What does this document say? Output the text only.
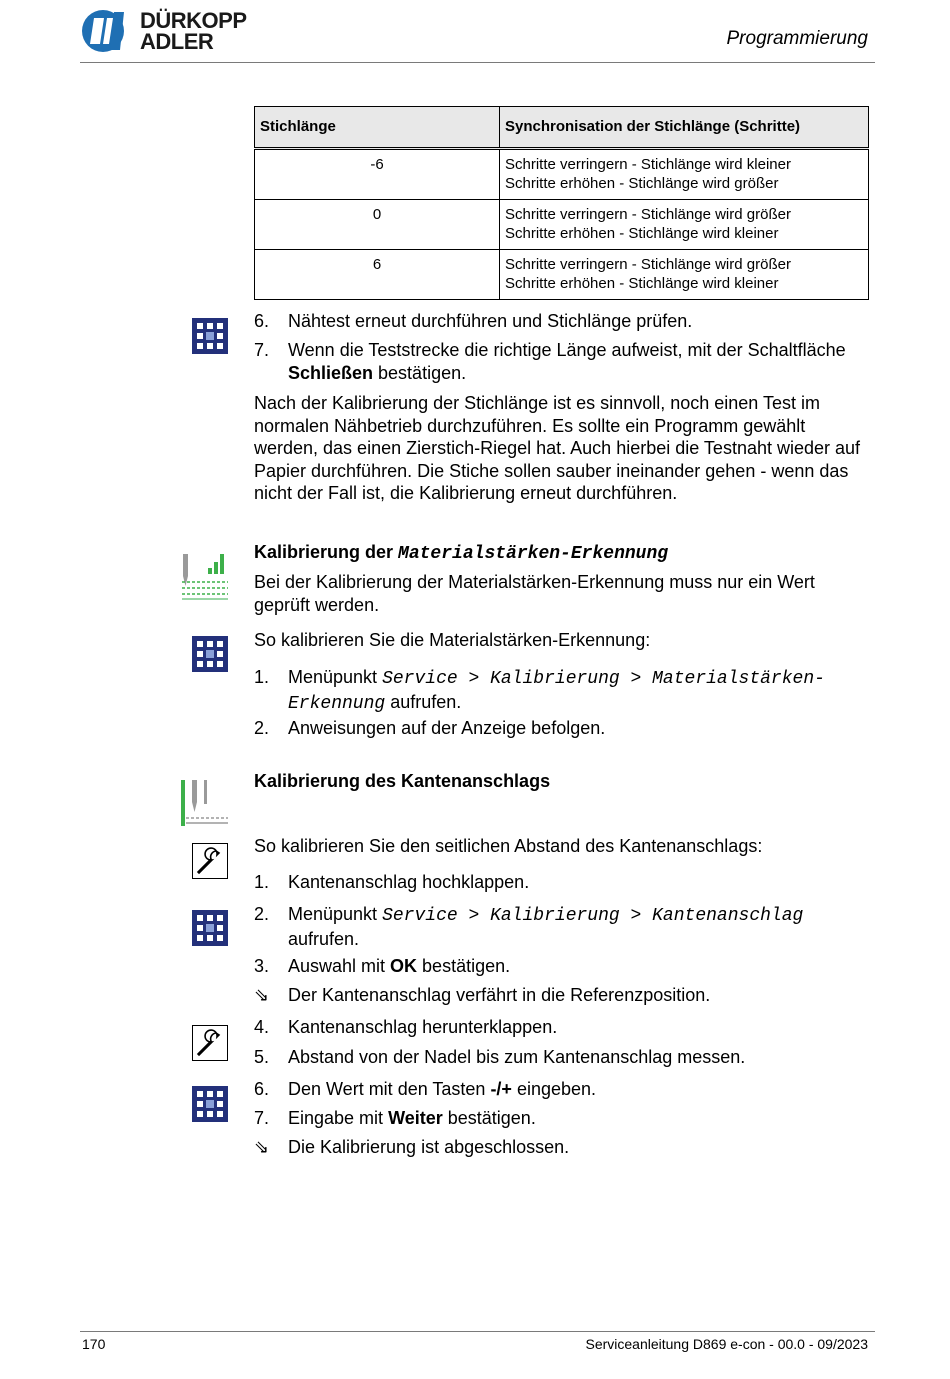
DÜRKOPP
ADLER	Programmierung
Stichlänge	Synchronisation der Stichlänge (Schritte)
-6	Schritte verringern - Stichlänge wird kleiner
Schritte erhöhen - Stichlänge wird größer

0	Schritte verringern - Stichlänge wird größer
Schritte erhöhen - Stichlänge wird kleiner

6	Schritte verringern - Stichlänge wird größer
Schritte erhöhen - Stichlänge wird kleiner
6. Nähtest erneut durchführen und Stichlänge prüfen.
7. Wenn die Teststrecke die richtige Länge aufweist, mit der Schaltfläche Schließen bestätigen.
Nach der Kalibrierung der Stichlänge ist es sinnvoll, noch einen Test im normalen Nähbetrieb durchzuführen. Es sollte ein Programm gewählt werden, das einen Zierstich-Riegel hat. Auch hierbei die Testnaht wieder auf Papier durchführen. Die Stiche sollen sauber ineinander gehen - wenn das nicht der Fall ist, die Kalibrierung erneut durchführen.
Kalibrierung der Materialstärken-Erkennung
Bei der Kalibrierung der Materialstärken-Erkennung muss nur ein Wert geprüft werden.
So kalibrieren Sie die Materialstärken-Erkennung:
1. Menüpunkt Service > Kalibrierung > Materialstärken-Erkennung aufrufen.
2. Anweisungen auf der Anzeige befolgen.
Kalibrierung des Kantenanschlags
So kalibrieren Sie den seitlichen Abstand des Kantenanschlags:
1. Kantenanschlag hochklappen.
2. Menüpunkt Service > Kalibrierung > Kantenanschlag aufrufen.
3. Auswahl mit OK bestätigen.
⇘ Der Kantenanschlag verfährt in die Referenzposition.
4. Kantenanschlag herunterklappen.
5. Abstand von der Nadel bis zum Kantenanschlag messen.
6. Den Wert mit den Tasten -/+ eingeben.
7. Eingabe mit Weiter bestätigen.
⇘ Die Kalibrierung ist abgeschlossen.
170	Serviceanleitung D869 e-con - 00.0 - 09/2023
